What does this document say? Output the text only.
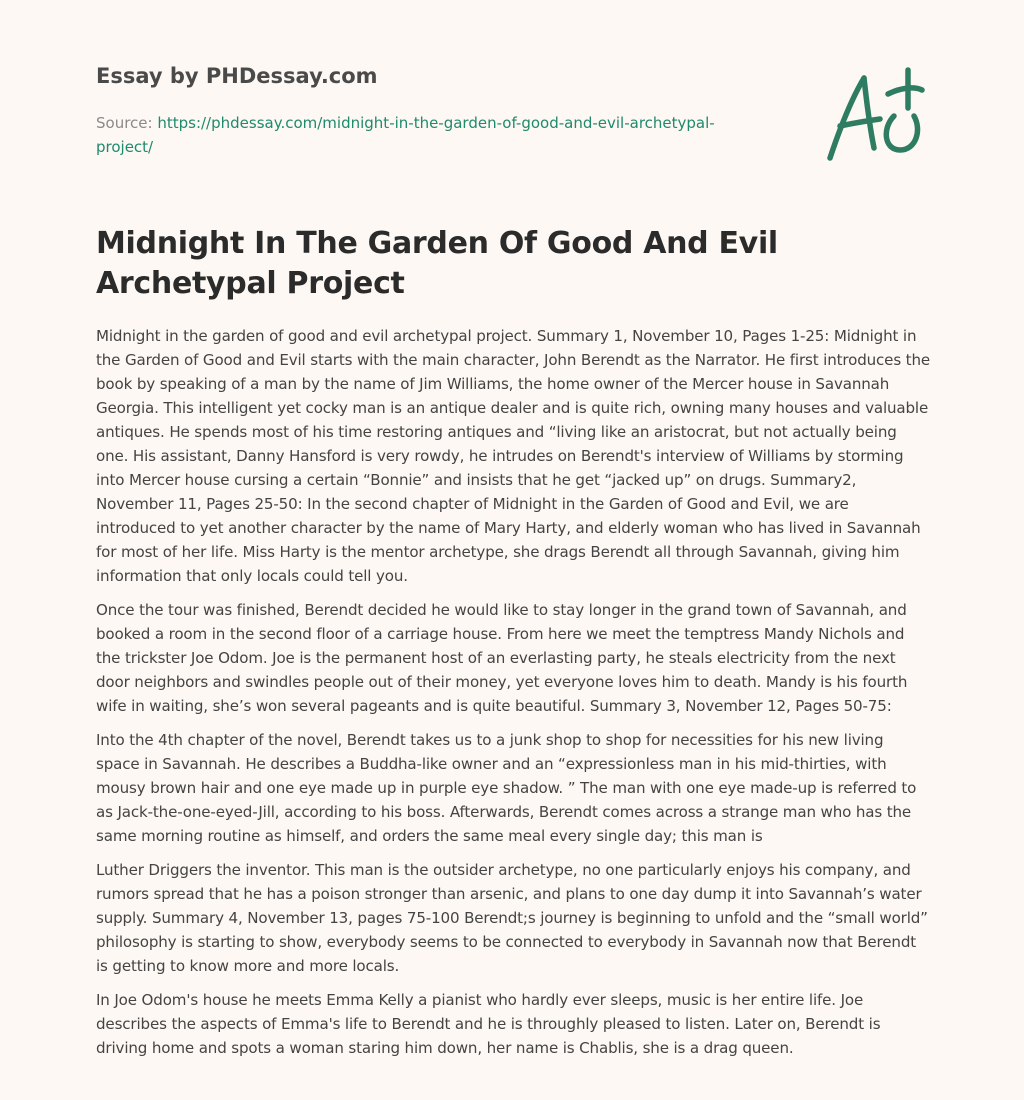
Essay by PHDessay.com

Source: https://phdessay.com/midnight-in-the-garden-of-good-and-evil-archetypal-project/

Midnight In The Garden Of Good And Evil Archetypal Project

Midnight in the garden of good and evil archetypal project. Summary 1, November 10, Pages 1-25: Midnight in the Garden of Good and Evil starts with the main character, John Berendt as the Narrator. He first introduces the book by speaking of a man by the name of Jim Williams, the home owner of the Mercer house in Savannah Georgia. This intelligent yet cocky man is an antique dealer and is quite rich, owning many houses and valuable antiques. He spends most of his time restoring antiques and “living like an aristocrat, but not actually being one. His assistant, Danny Hansford is very rowdy, he intrudes on Berendt's interview of Williams by storming into Mercer house cursing a certain “Bonnie” and insists that he get “jacked up” on drugs. Summary2, November 11, Pages 25-50: In the second chapter of Midnight in the Garden of Good and Evil, we are introduced to yet another character by the name of Mary Harty, and elderly woman who has lived in Savannah for most of her life. Miss Harty is the mentor archetype, she drags Berendt all through Savannah, giving him information that only locals could tell you.

Once the tour was finished, Berendt decided he would like to stay longer in the grand town of Savannah, and booked a room in the second floor of a carriage house. From here we meet the temptress Mandy Nichols and the trickster Joe Odom. Joe is the permanent host of an everlasting party, he steals electricity from the next door neighbors and swindles people out of their money, yet everyone loves him to death. Mandy is his fourth wife in waiting, she’s won several pageants and is quite beautiful. Summary 3, November 12, Pages 50-75:

Into the 4th chapter of the novel, Berendt takes us to a junk shop to shop for necessities for his new living space in Savannah. He describes a Buddha-like owner and an “expressionless man in his mid-thirties, with mousy brown hair and one eye made up in purple eye shadow. ” The man with one eye made-up is referred to as Jack-the-one-eyed-Jill, according to his boss. Afterwards, Berendt comes across a strange man who has the same morning routine as himself, and orders the same meal every single day; this man is

Luther Driggers the inventor. This man is the outsider archetype, no one particularly enjoys his company, and rumors spread that he has a poison stronger than arsenic, and plans to one day dump it into Savannah’s water supply. Summary 4, November 13, pages 75-100 Berendt;s journey is beginning to unfold and the “small world” philosophy is starting to show, everybody seems to be connected to everybody in Savannah now that Berendt is getting to know more and more locals.

In Joe Odom's house he meets Emma Kelly a pianist who hardly ever sleeps, music is her entire life. Joe describes the aspects of Emma's life to Berendt and he is throughly pleased to listen. Later on, Berendt is driving home and spots a woman staring him down, her name is Chablis, she is a drag queen.
